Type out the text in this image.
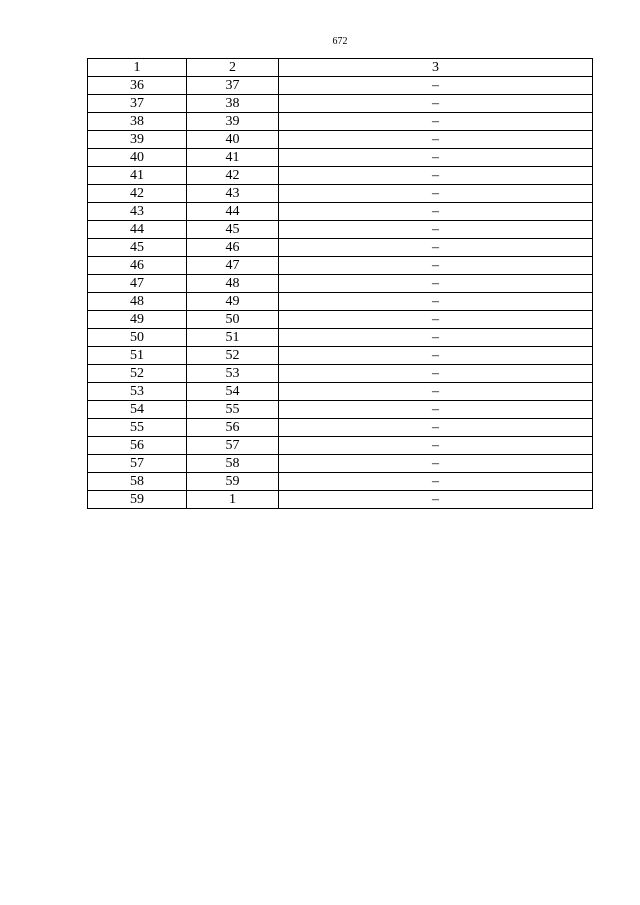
672
1	2	3
36	37	–
37	38	–
38	39	–
39	40	–
40	41	–
41	42	–
42	43	–
43	44	–
44	45	–
45	46	–
46	47	–
47	48	–
48	49	–
49	50	–
50	51	–
51	52	–
52	53	–
53	54	–
54	55	–
55	56	–
56	57	–
57	58	–
58	59	–
59	1	–
